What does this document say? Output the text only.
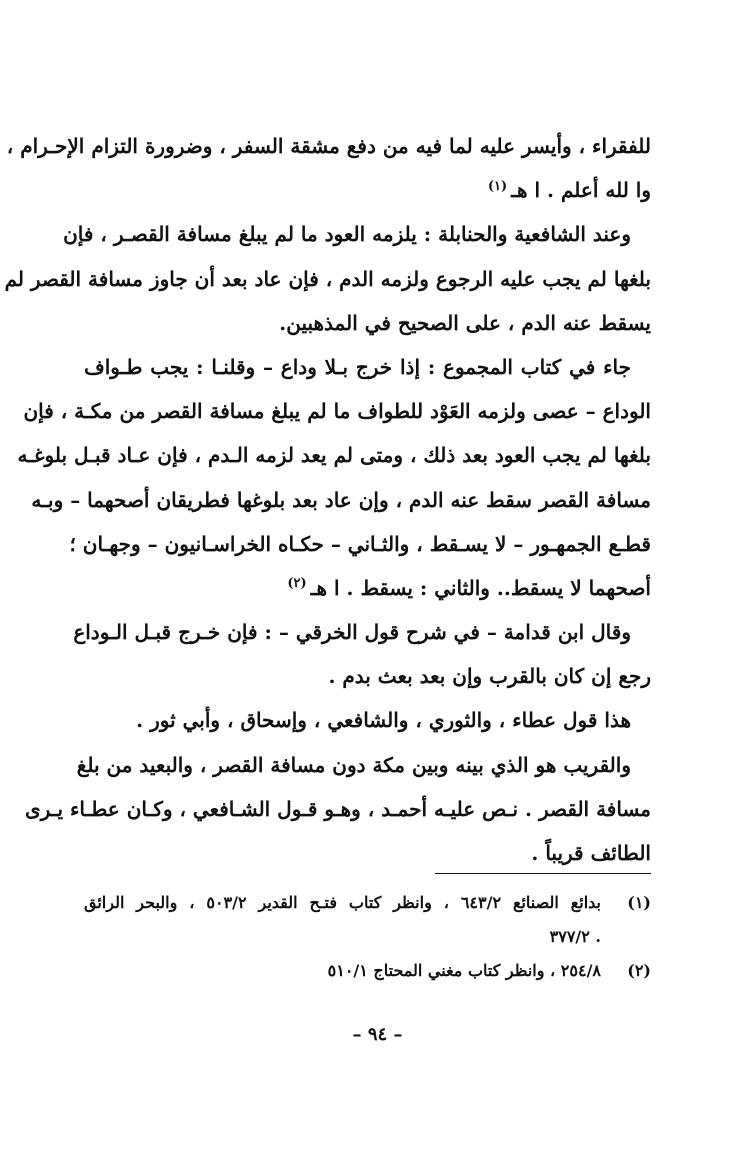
للفقراء ، وأيسر عليه لما فيه من دفع مشقة السفر ، وضرورة التزام الإحـرام ،
وا لله أعلم . ا هـ$^{(١)}$
وعند الشافعية والحنابلة : يلزمه العود ما لم يبلغ مسافة القصـر ، فإن
بلغها لم يجب عليه الرجوع ولزمه الدم ، فإن عاد بعد أن جاوز مسافة القصر لم
يسقط عنه الدم ، على الصحيح في المذهبين.
جاء في كتاب المجموع : إذا خرج بـلا وداع – وقلنـا : يجب طـواف
الوداع – عصى ولزمه العَوْد للطواف ما لم يبلغ مسافة القصر من مكـة ، فإن
بلغها لم يجب العود بعد ذلك ، ومتى لم يعد لزمه الـدم ، فإن عـاد قبـل بلوغـه
مسافة القصر سقط عنه الدم ، وإن عاد بعد بلوغها فطريقان أصحهما – وبـه
قطـع الجمهـور – لا يسـقط ، والثـاني – حكـاه الخراسـانيون – وجهـان ؛
أصحهما لا يسقط.. والثاني : يسقط . ا هـ$^{(٢)}$
وقال ابن قدامة – في شرح قول الخرقي – : فإن خـرج قبـل الـوداع
رجع إن كان بالقرب وإن بعد بعث بدم .
هذا قول عطاء ، والثوري ، والشافعي ، وإسحاق ، وأبي ثور .
والقريب هو الذي بينه وبين مكة دون مسافة القصر ، والبعيد من بلغ
مسافة القصر . نـص عليـه أحمـد ، وهـو قـول الشـافعي ، وكـان عطـاء يـرى
الطائف قريباً .
(١)
بدائع الصنائع ٦٤٣/٢ ، وانظر كتاب فتـح القدير ٥٠٣/٢ ، والبحر الرائق
. ٣٧٧/٢
(٢)
٢٥٤/٨ ، وانظر كتاب مغني المحتاج ٥١٠/١
– ٩٤ –
